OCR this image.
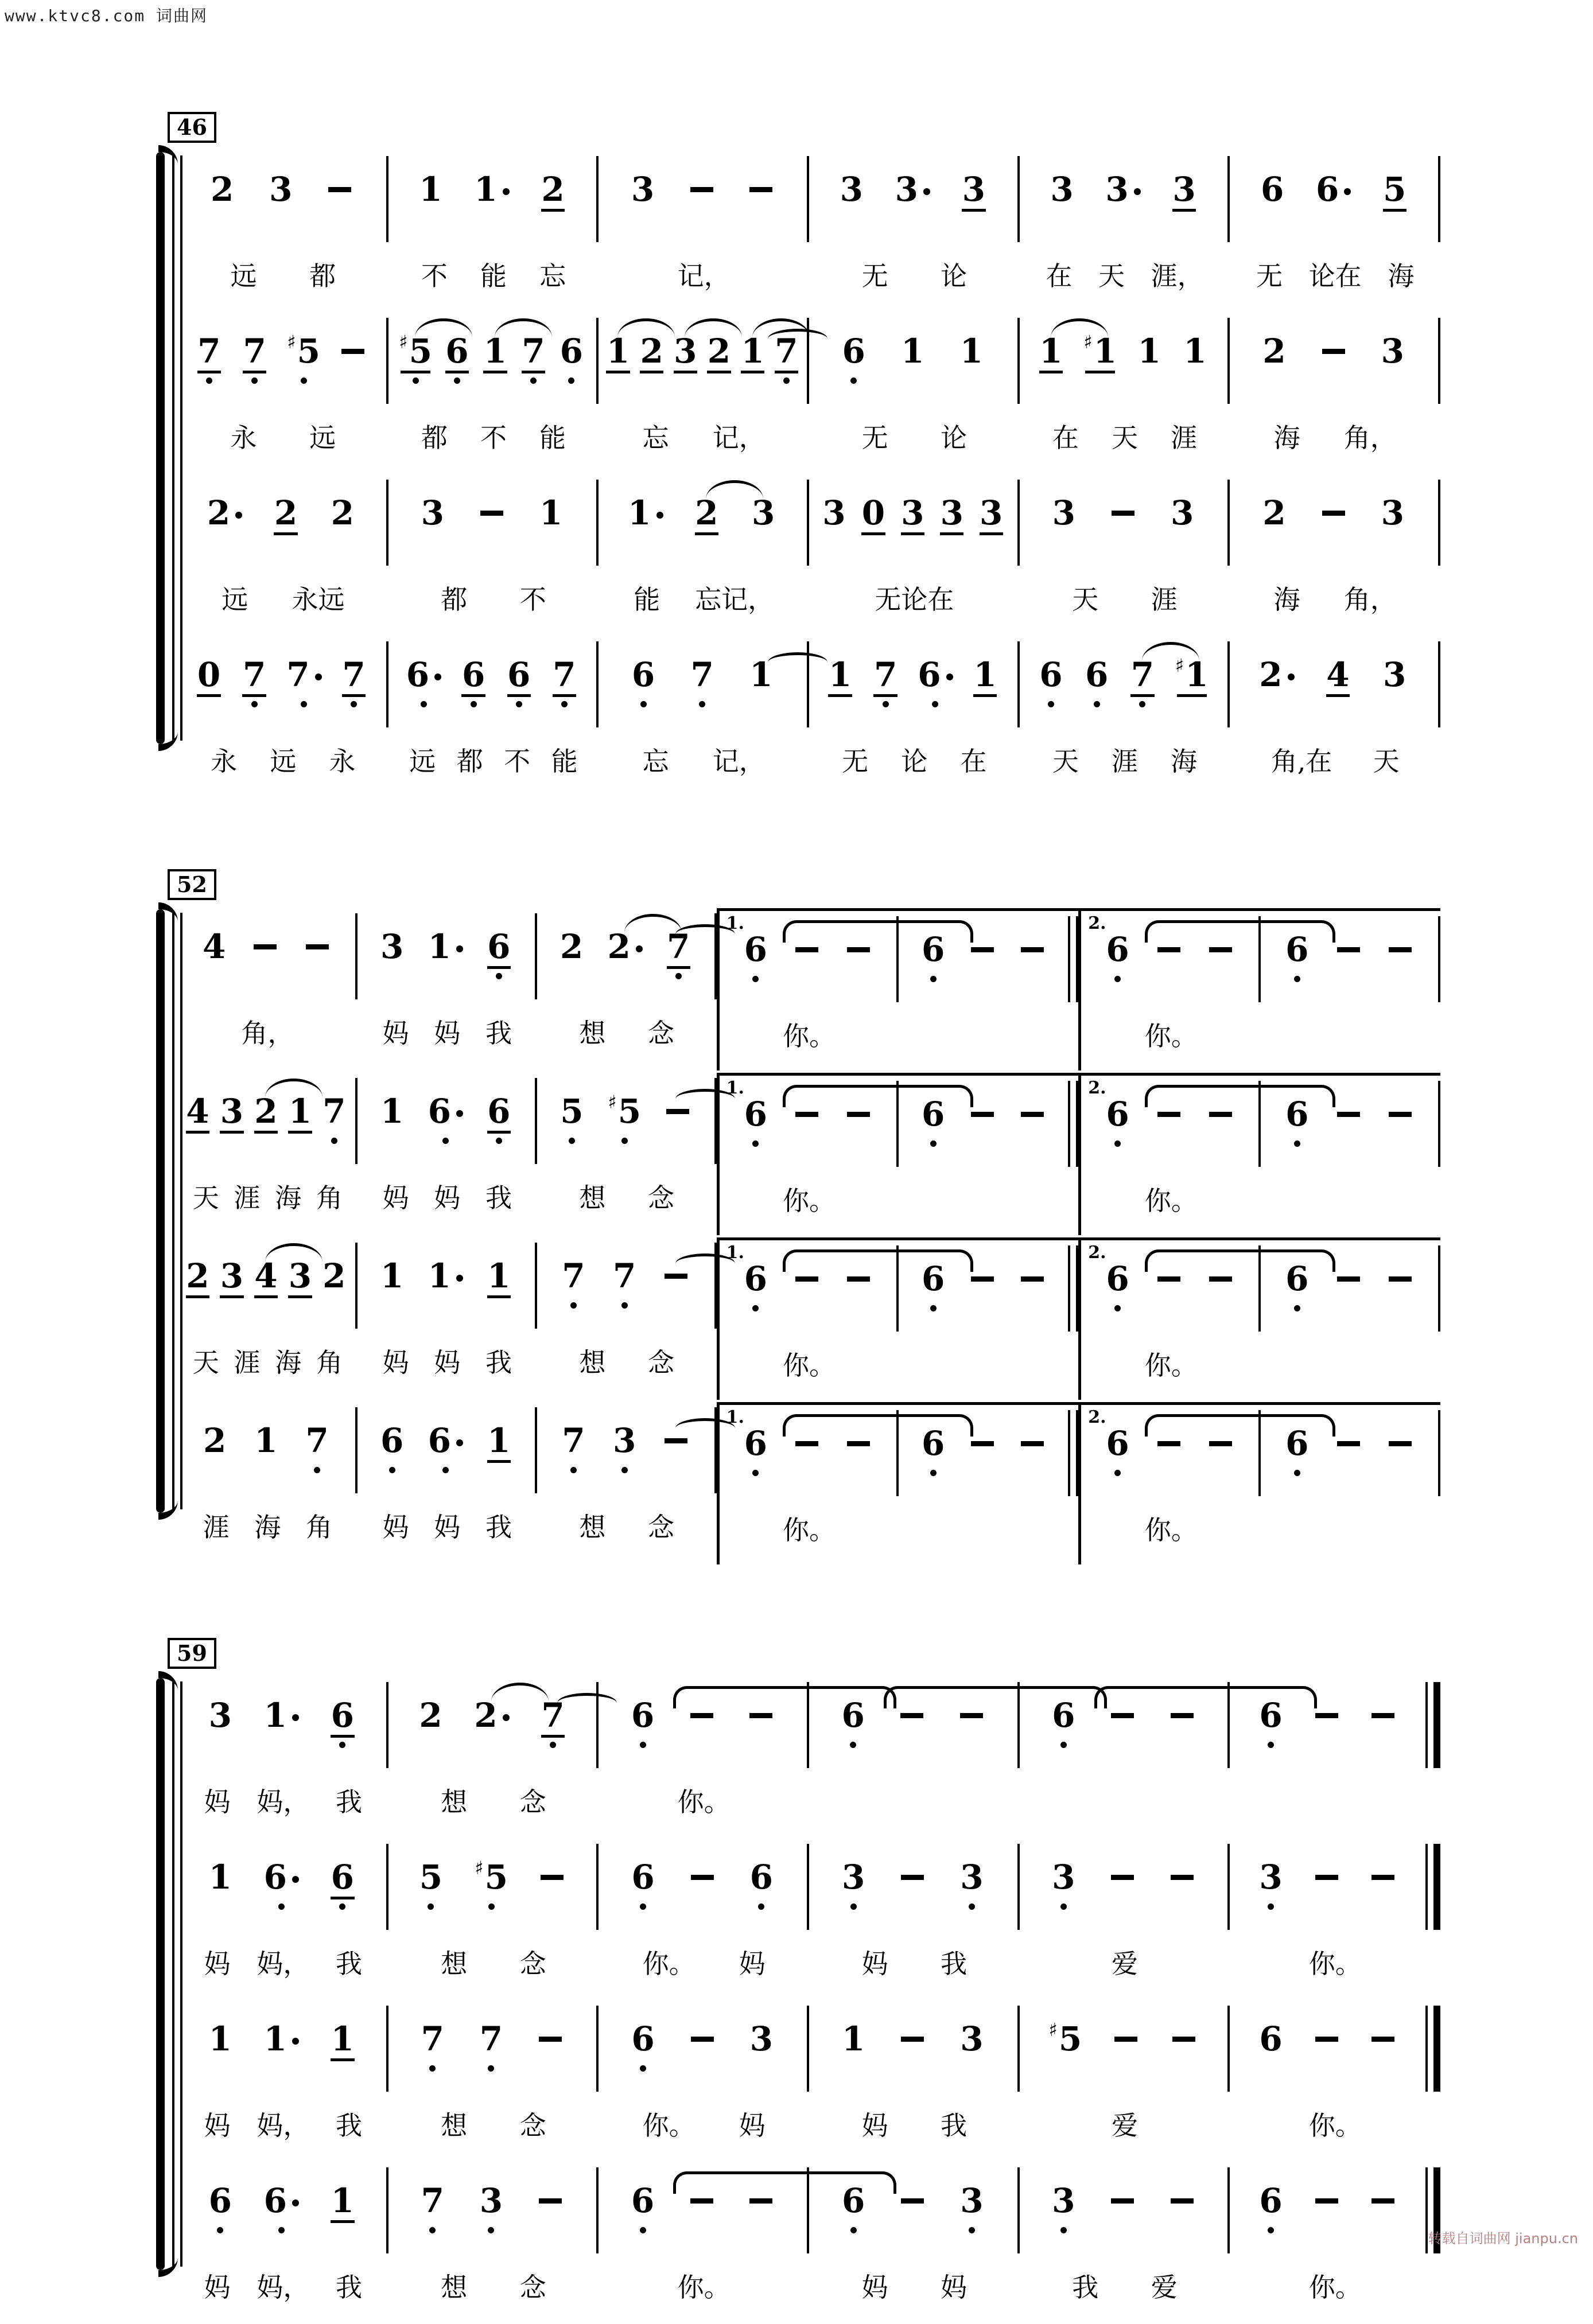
www.ktvc8.com 词曲网
46
2 3
远 都
1 1 2
不 能 忘
3
记，
3 3 3
无 论
3 3 3
在 天 涯，
6 6 5
无 论在 海
7 7 ♯ 5
永 远
♯ 5 6 1 7 6
都 不 能
1 2 3 2 1 7
忘 记，
6 1 1
无 论
1 ♯ 1 1 1
在 天 涯
2	3
海 角，
2 2 2
远 永远
3	1
都 不
1 2 3
能 忘记，
3 0 3 3 3
无论在
3	3
天 涯
2	3
海 角，
0 7 7 7
永 远 永
6 6 6 7
远 都 不 能
6 7 1
忘 记，
1 7 6 1
无 论 在
6 6 7 ♯ 1
天 涯 海
2 4 3
角,在 天
52
4
角，
3 1 6
妈 妈 我
2 2 7
想 念
1.
6
你。
6
2.
6
你。
6
4 3 2 1 7
天 涯 海 角
1 6 6
妈 妈 我
5 ♯ 5
想 念
1.
6
你。
6
2.
6
你。
6
2 3 4 3 2
天 涯 海 角
1 1 1
妈 妈 我
7 7
想 念
1.
6
你。
6
2.
6
你。
6
2 1 7
涯 海 角
6 6 1
妈 妈 我
7 3
想 念
1.
6
你。
6
2.
6
你。
6
59
3 1 6
妈 妈， 我
2 2 7
想 念
6
你。
6	6	6
1 6 6
妈 妈， 我
5 ♯ 5
想 念
6	6
你。 妈
3	3
妈 我
3
爱
3
你。
1 1 1
妈 妈， 我
7 7
想 念
6	3
你。 妈
1	3
妈 我
♯ 5
爱
6
你。
6 6 1
妈 妈， 我
7 3
想 念
6
你。
6	3
妈 妈
3
我 爱
6
你。
转载自词曲网 jianpu.cn
